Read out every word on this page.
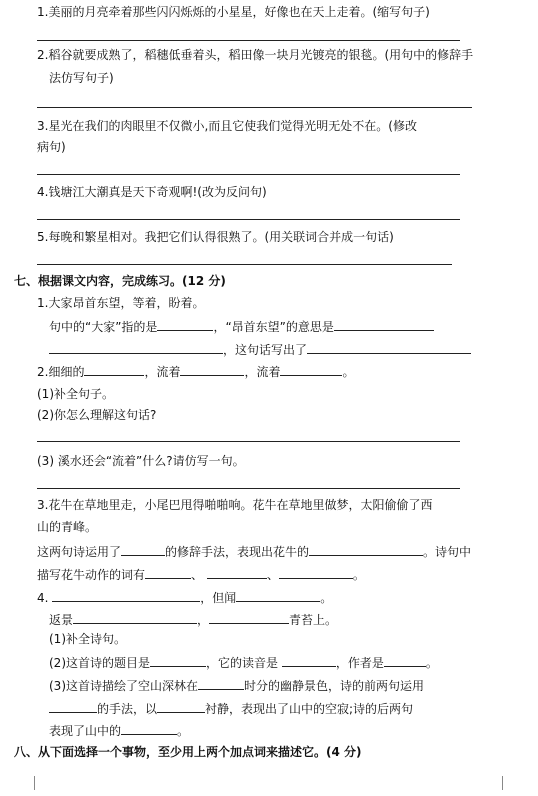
1.美丽的月亮牵着那些闪闪烁烁的小星星，好像也在天上走着。(缩写句子)
2.稻谷就要成熟了，稻穗低垂着头，稻田像一块月光镀亮的银毯。(用句中的修辞手
法仿写句子)
3.星光在我们的肉眼里不仅微小,而且它使我们觉得光明无处不在。(修改
病句)
4.钱塘江大潮真是天下奇观啊!(改为反问句)
5.每晚和繁星相对。我把它们认得很熟了。(用关联词合并成一句话)
七、根据课文内容，完成练习。(12 分)
1.大家昂首东望，等着，盼着。
句中的“大家”指的是	，“昂首东望”的意思是
，这句话写出了
2.细细的	，流着	，流着	。
(1)补全句子。
(2)你怎么理解这句话?
(3) 溪水还会“流着”什么?请仿写一句。
3.花牛在草地里走，小尾巴甩得啪啪响。花牛在草地里做梦，太阳偷偷了西
山的青峰。
这两句诗运用了	的修辞手法，表现出花牛的	。诗句中
描写花牛动作的词有	、	、	。
4.	，但闻	。
返景	，	青苔上。
(1)补全诗句。
(2)这首诗的题目是	，它的读音是	，作者是	。
(3)这首诗描绘了空山深林在	时分的幽静景色，诗的前两句运用
的手法，以	衬静，表现出了山中的空寂;诗的后两句
表现了山中的	。
八、从下面选择一个事物，至少用上两个加点词来描述它。(4 分)
